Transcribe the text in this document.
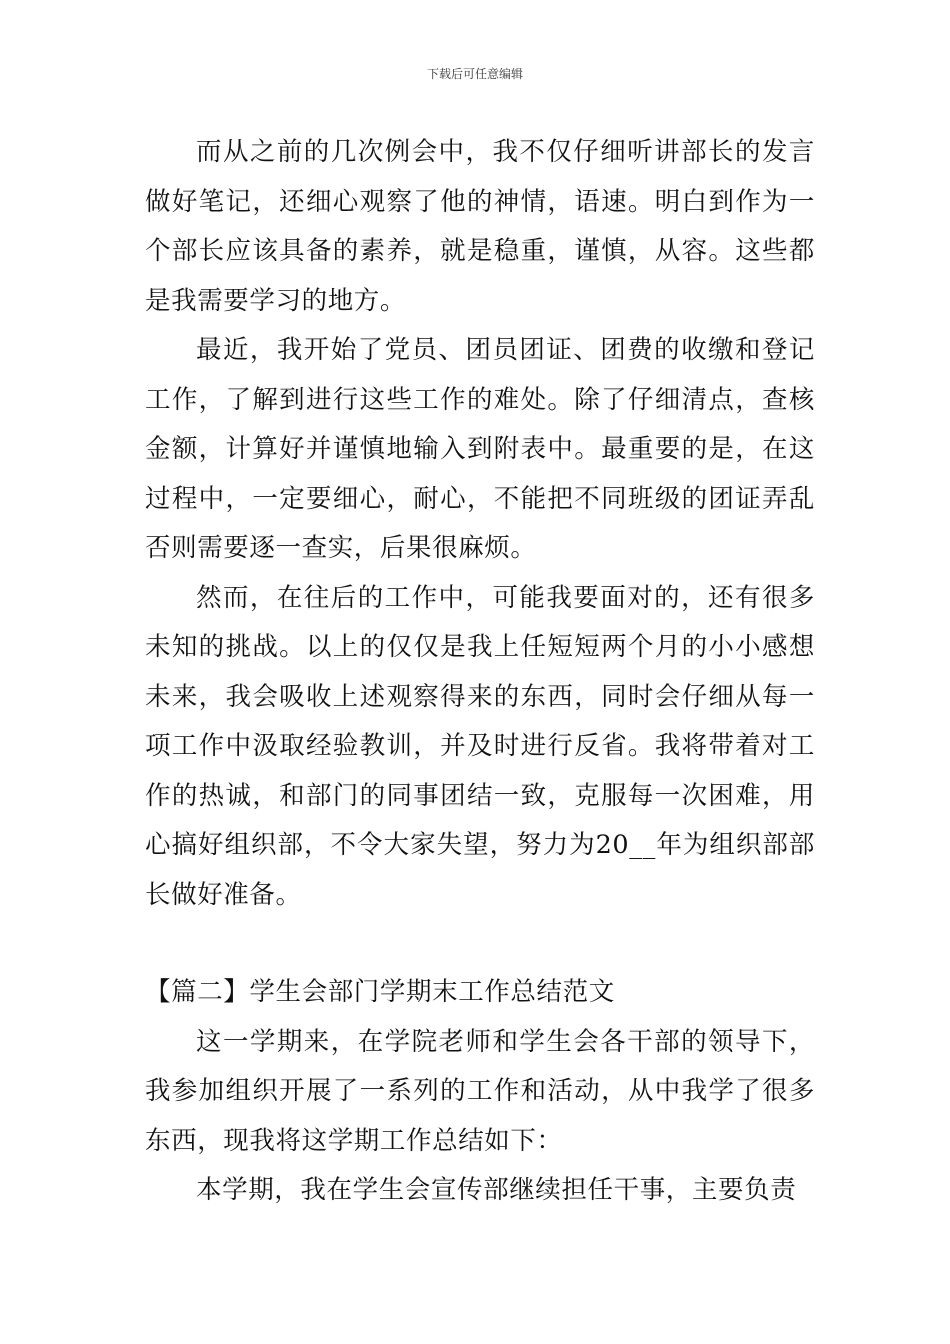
下载后可任意编辑

而从之前的几次例会中，我不仅仔细听讲部长的发言做好笔记，还细心观察了他的神情，语速。明白到作为一个部长应该具备的素养，就是稳重，谨慎，从容。这些都是我需要学习的地方。

最近，我开始了党员、团员团证、团费的收缴和登记工作，了解到进行这些工作的难处。除了仔细清点，查核金额，计算好并谨慎地输入到附表中。最重要的是，在这过程中，一定要细心，耐心，不能把不同班级的团证弄乱否则需要逐一查实，后果很麻烦。

然而，在往后的工作中，可能我要面对的，还有很多未知的挑战。以上的仅仅是我上任短短两个月的小小感想未来，我会吸收上述观察得来的东西，同时会仔细从每一项工作中汲取经验教训，并及时进行反省。我将带着对工作的热诚，和部门的同事团结一致，克服每一次困难，用心搞好组织部，不令大家失望，努力为20__年为组织部部长做好准备。

【篇二】学生会部门学期末工作总结范文

这一学期来，在学院老师和学生会各干部的领导下，我参加组织开展了一系列的工作和活动，从中我学了很多东西，现我将这学期工作总结如下：

本学期，我在学生会宣传部继续担任干事，主要负责
